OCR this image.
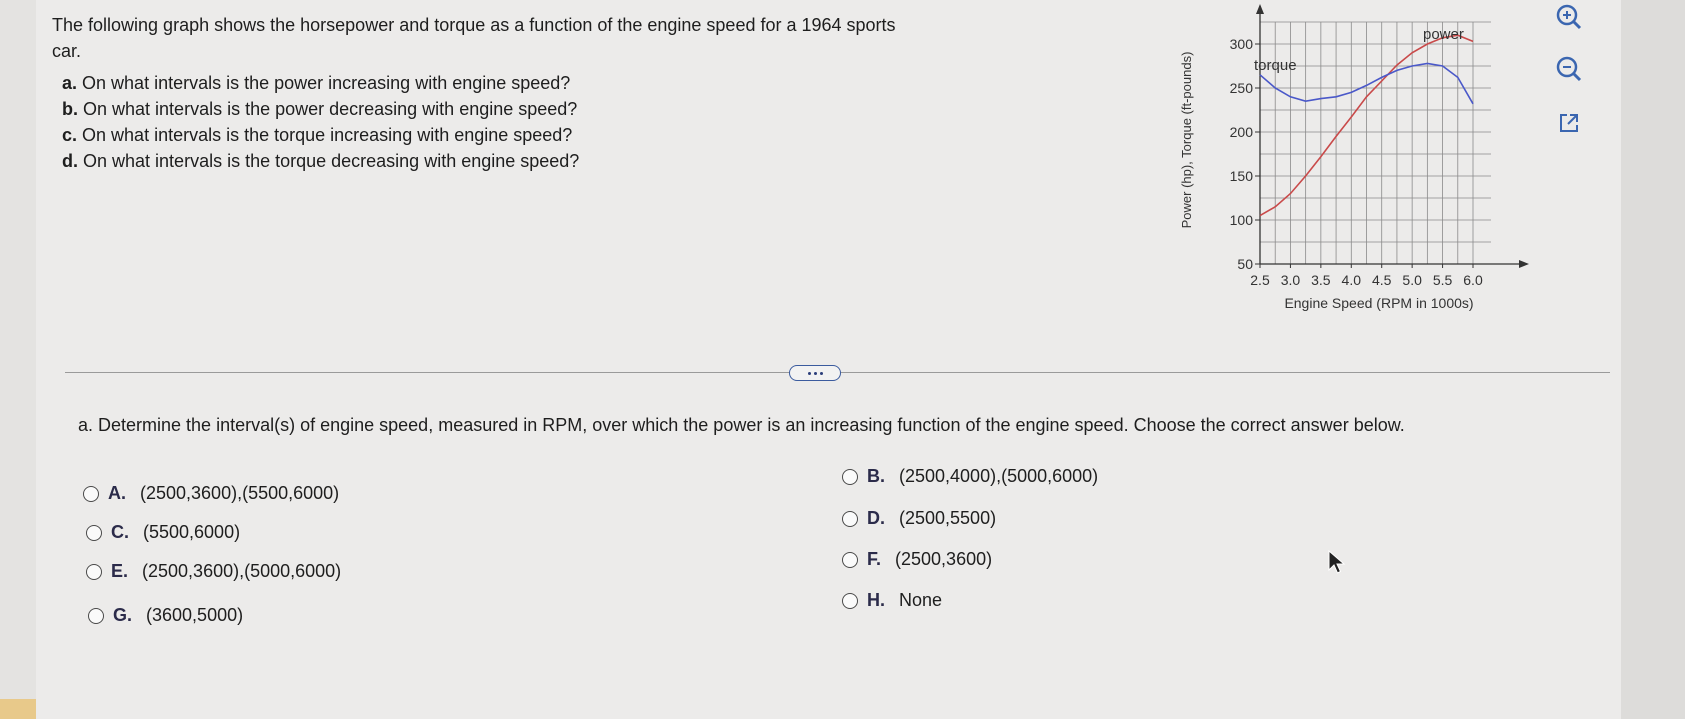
The following graph shows the horsepower and torque as a function of the engine speed for a 1964 sports car.

a. On what intervals is the power increasing with engine speed?
b. On what intervals is the power decreasing with engine speed?
c. On what intervals is the torque increasing with engine speed?
d. On what intervals is the torque decreasing with engine speed?
2.5 3.0 3.5 4.0 4.5 5.0 5.5 6.0
50
100
150
200
250
300
Power (hp), Torque (ft-pounds)
Engine Speed (RPM in 1000s)
torque
power
a. Determine the interval(s) of engine speed, measured in RPM, over which the power is an increasing function of the engine speed. Choose the correct answer below.
A. (2500,3600),(5500,6000)
B. (2500,4000),(5000,6000)
C. (5500,6000)
D. (2500,5500)
E. (2500,3600),(5000,6000)
F. (2500,3600)
G. (3600,5000)
H. None
